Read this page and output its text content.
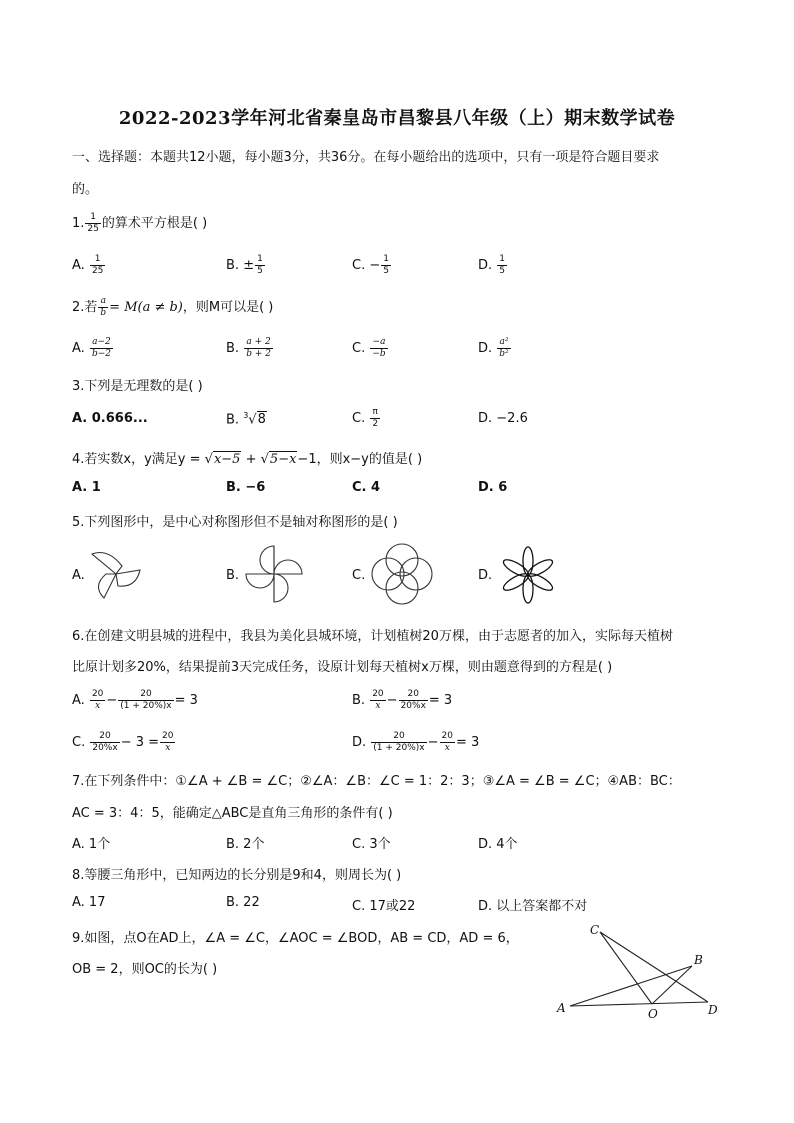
2022-2023学年河北省秦皇岛市昌黎县八年级（上）期末数学试卷
一、选择题：本题共12小题，每小题3分，共36分。在每小题给出的选项中，只有一项是符合题目要求
的。
1. $\frac{1}{25}$ 的算术平方根是( )
A. $\frac{1}{25}$	B. ± $\frac{1}{5}$	C. − $\frac{1}{5}$	D. $\frac{1}{5}$
2.若 $\frac{a}{b} = M(a \ne b)$，则M可以是( )
A. $\frac{a-2}{b-2}$	B. $\frac{a + 2}{b + 2}$	C. $\frac{-a}{-b}$	D. $\frac{\text{a²}}{\text{b²}}$
3.下列是无理数的是( )
A. 0.666...	B. $^3$√8	C. $\frac{\pi}{2}$	D. −2.6
4.若实数x，y满足y = √x−5 + √5−x−1，则x−y的值是( )
A. 1	B. −6	C. 4	D. 6
5.下列图形中，是中心对称图形但不是轴对称图形的是( )
A.	B.	C.	D.
6.在创建文明县城的进程中，我县为美化县城环境，计划植树20万棵，由于志愿者的加入，实际每天植树
比原计划多20%，结果提前3天完成任务，设原计划每天植树x万棵，则由题意得到的方程是( )
A. $\frac{20}{x} - \frac{20}{(1 + 20\%)x} = 3$	B. $\frac{20}{x} - \frac{20}{20\%x} = 3$
C. $\frac{20}{20\%x} - 3 = \frac{20}{x}$	D. $\frac{20}{(1 + 20\%)x} - \frac{20}{x} = 3$
7.在下列条件中：①∠A + ∠B = ∠C；②∠A：∠B：∠C = 1：2：3；③∠A = ∠B = ∠C；④AB：BC：
AC = 3：4：5，能确定△ABC是直角三角形的条件有( )
A. 1个	B. 2个	C. 3个	D. 4个
8.等腰三角形中，已知两边的长分别是9和4，则周长为( )
A. 17	B. 22	C. 17或22	D. 以上答案都不对
9.如图，点O在AD上，∠A = ∠C，∠AOC = ∠BOD，AB = CD，AD = 6，
OB = 2，则OC的长为( )
A
B
C
D
O
